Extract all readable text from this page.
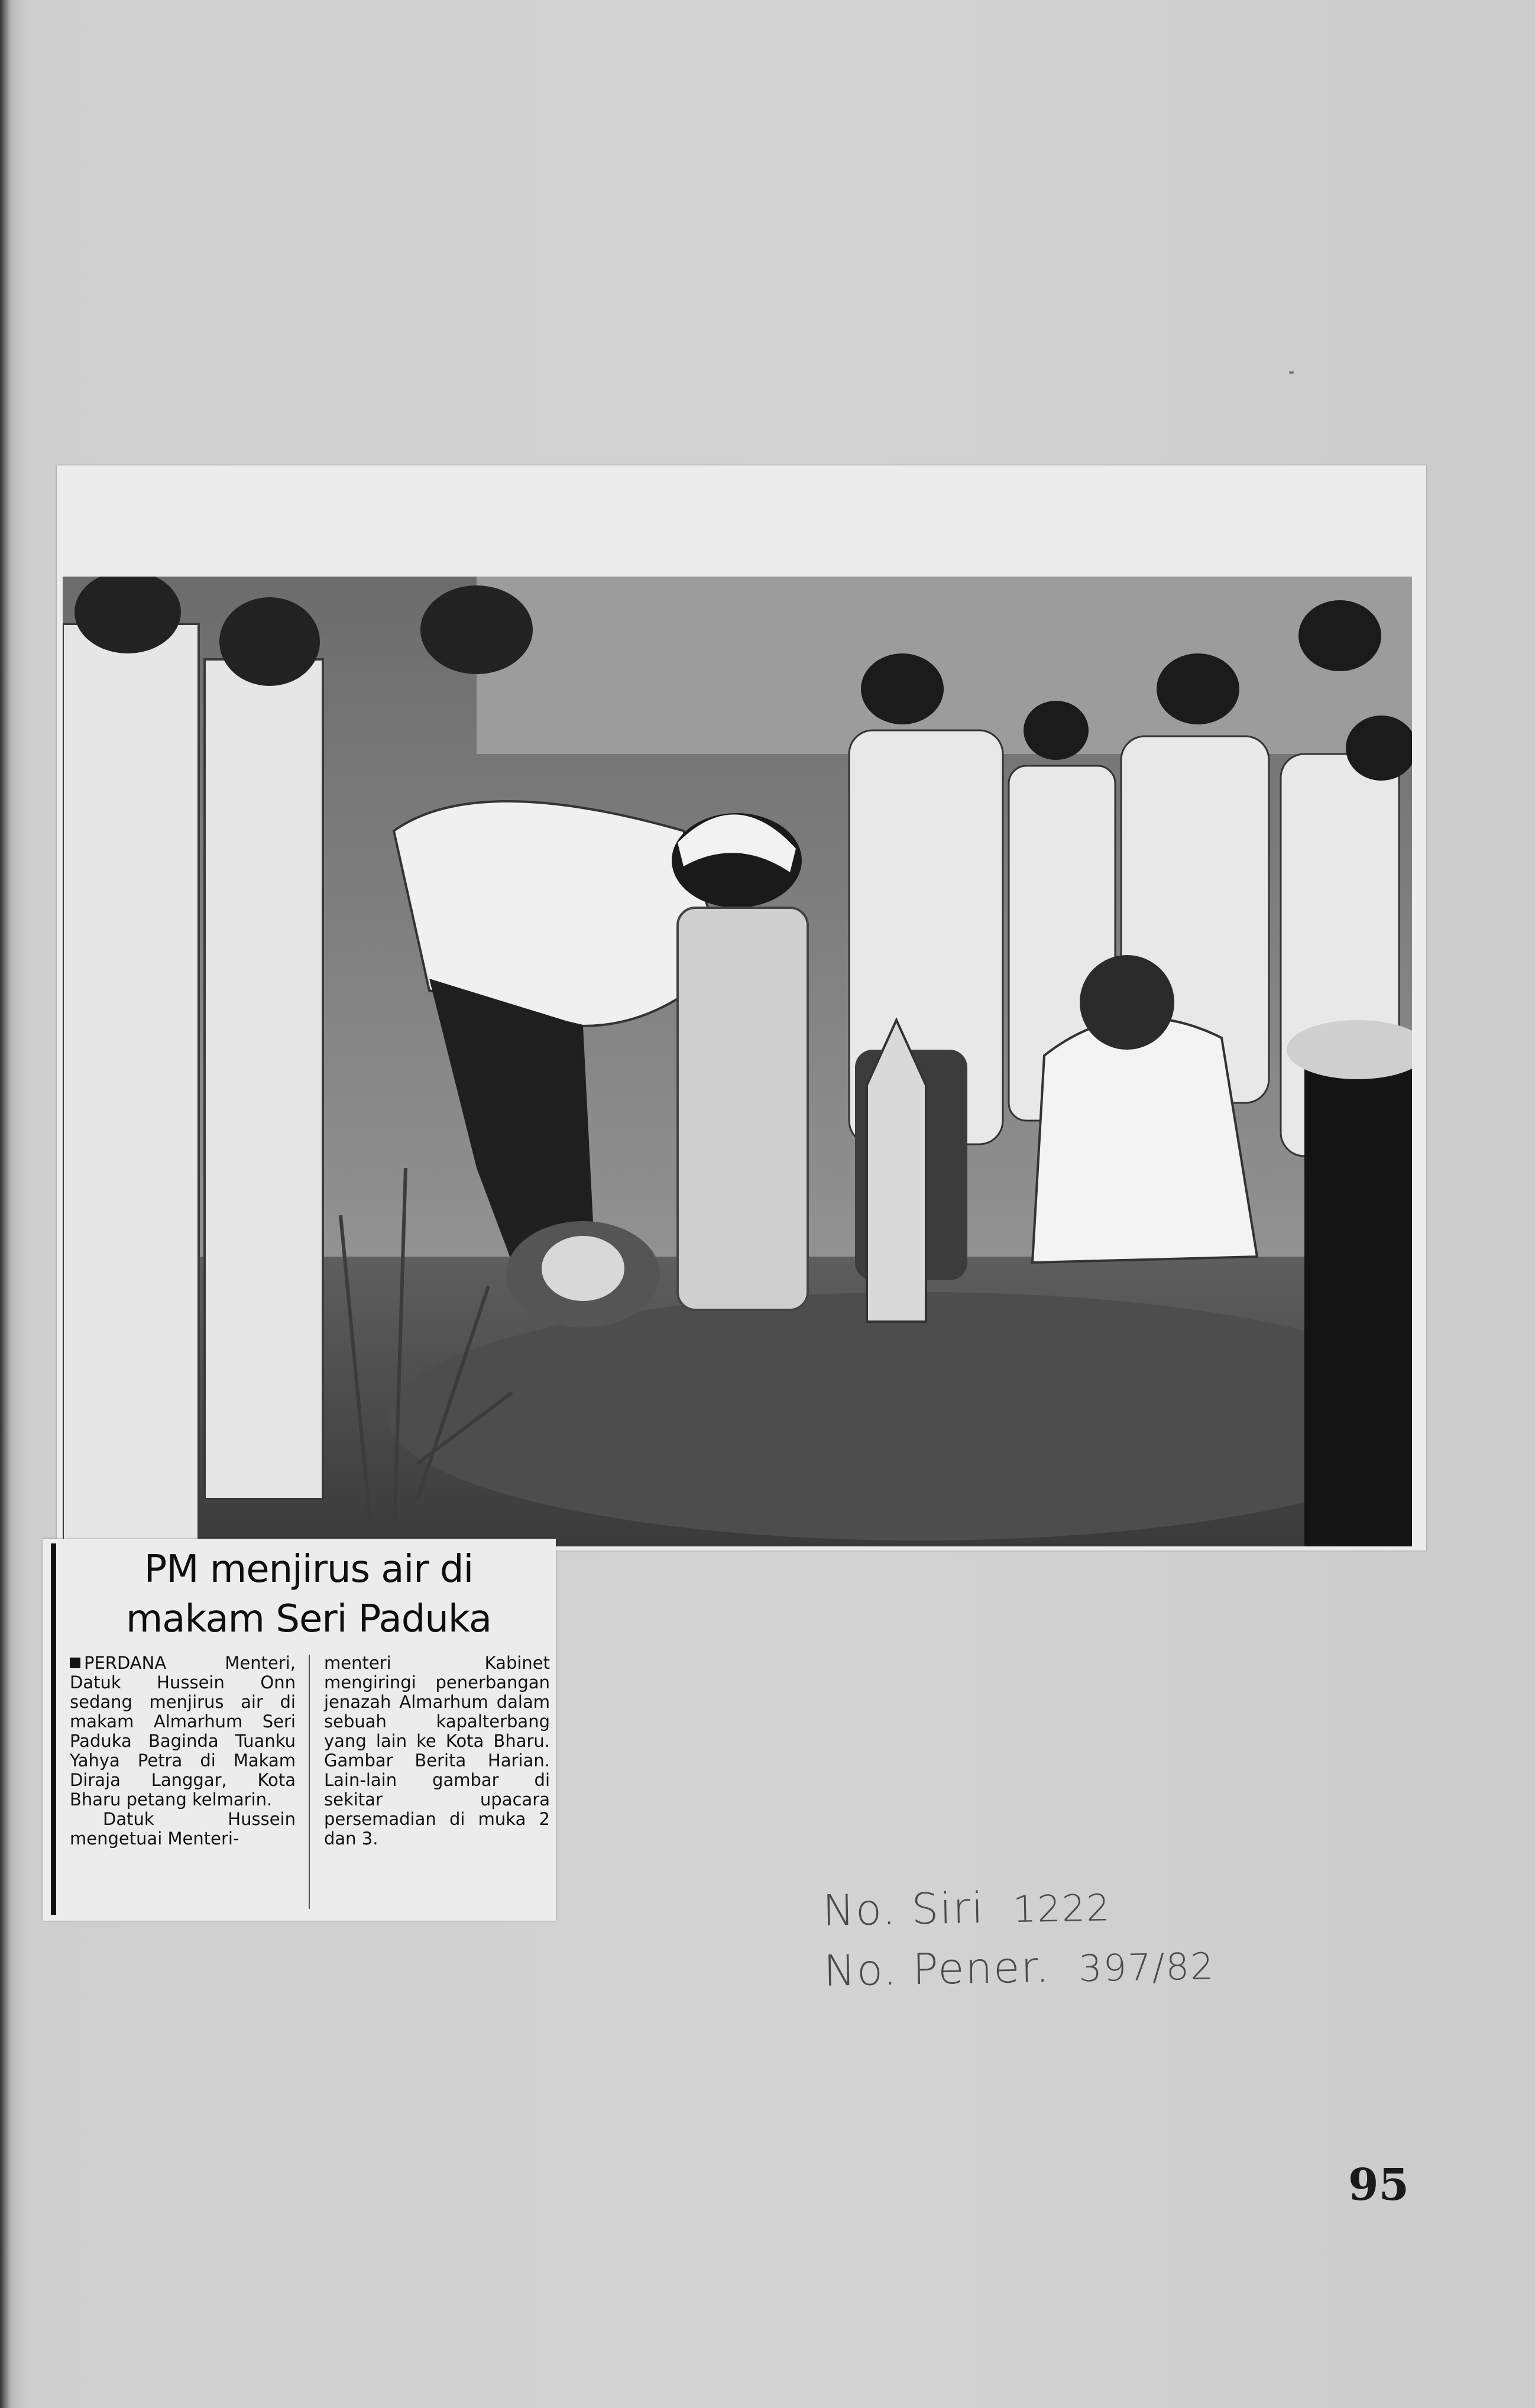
PM menjirus air di
makam Seri Paduka

PERDANA Menteri, Datuk Hussein Onn sedang menjirus air di makam Almarhum Seri Paduka Baginda Tuanku Yahya Petra di Makam Diraja Langgar, Kota Bharu petang kelmarin.

Datuk Hussein mengetuai Menteri-

menteri Kabinet mengiringi penerbangan jenazah Almarhum dalam sebuah kapalterbang yang lain ke Kota Bharu. Gambar Berita Harian. Lain-lain gambar di sekitar upacara persemadian di muka 2 dan 3.

No. Siri 1222
No. Pener. 397/82
95
